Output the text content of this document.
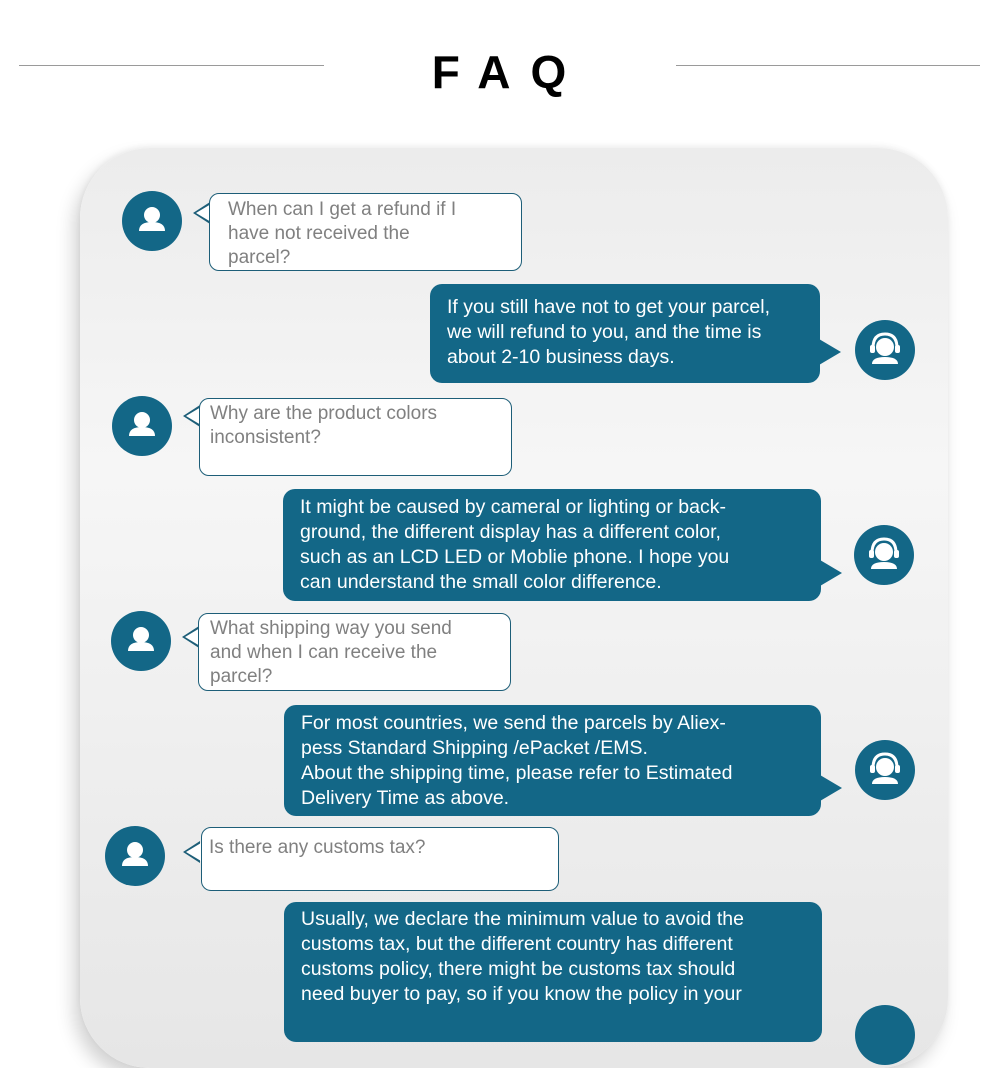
FAQ
When can I get a refund if I
have not received the
parcel?
If you still have not to get your parcel,
we will refund to you, and the time is
about 2-10 business days.
Why are the product colors
inconsistent?
It might be caused by cameral or lighting or back-
ground, the different display has a different color,
such as an LCD LED or Moblie phone. I hope you
can understand the small color difference.
What shipping way you send
and when I can receive the
parcel?
For most countries, we send the parcels by Aliex-
pess Standard Shipping /ePacket /EMS.
About the shipping time, please refer to Estimated
Delivery Time as above.
Is there any customs tax?
Usually, we declare the minimum value to avoid the
customs tax, but the different country has different
customs policy, there might be customs tax should
need buyer to pay, so if you know the policy in your
